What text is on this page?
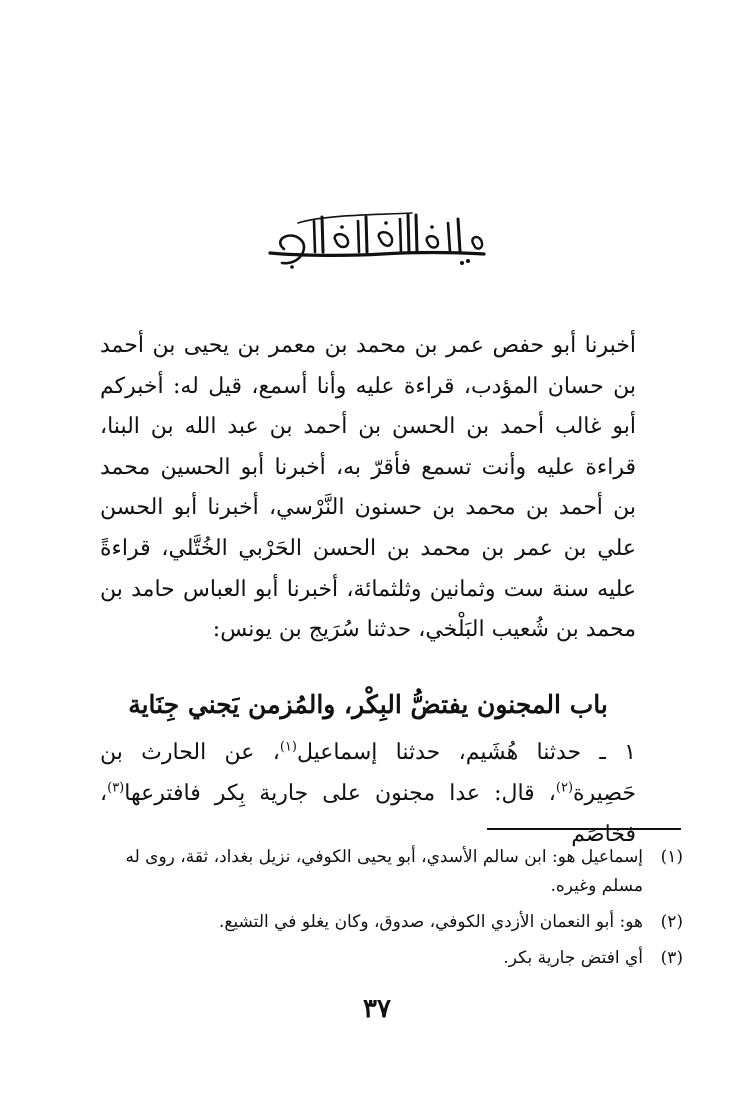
أخبرنا أبو حفص عمر بن محمد بن معمر بن يحيى بن أحمد بن حسان المؤدب، قراءة عليه وأنا أسمع، قيل له: أخبركم أبو غالب أحمد بن الحسن بن أحمد بن عبد الله بن البنا، قراءة عليه وأنت تسمع فأقرّ به، أخبرنا أبو الحسين محمد بن أحمد بن محمد بن حسنون النَّرْسي، أخبرنا أبو الحسن علي بن عمر بن محمد بن الحسن الحَرْبي الخُتَّلي، قراءةً عليه سنة ست وثمانين وثلثمائة، أخبرنا أبو العباس حامد بن محمد بن شُعيب البَلْخي، حدثنا سُرَيج بن يونس:

باب المجنون يفتضُّ البِكْر، والمُزمن يَجني جِنَاية

١ ـ حدثنا هُشَيم، حدثنا إسماعيل$^{(١)}$، عن الحارث بن حَصِيرة$^{(٢)}$، قال: عدا مجنون على جارية بِكر فافترعها$^{(٣)}$، فخاصَم

(١)
إسماعيل هو: ابن سالم الأسدي، أبو يحيى الكوفي، نزيل بغداد، ثقة، روى له مسلم وغيره.
(٢)
هو: أبو النعمان الأزدي الكوفي، صدوق، وكان يغلو في التشيع.
(٣)
أي افتض جارية بكر.
٣٧
